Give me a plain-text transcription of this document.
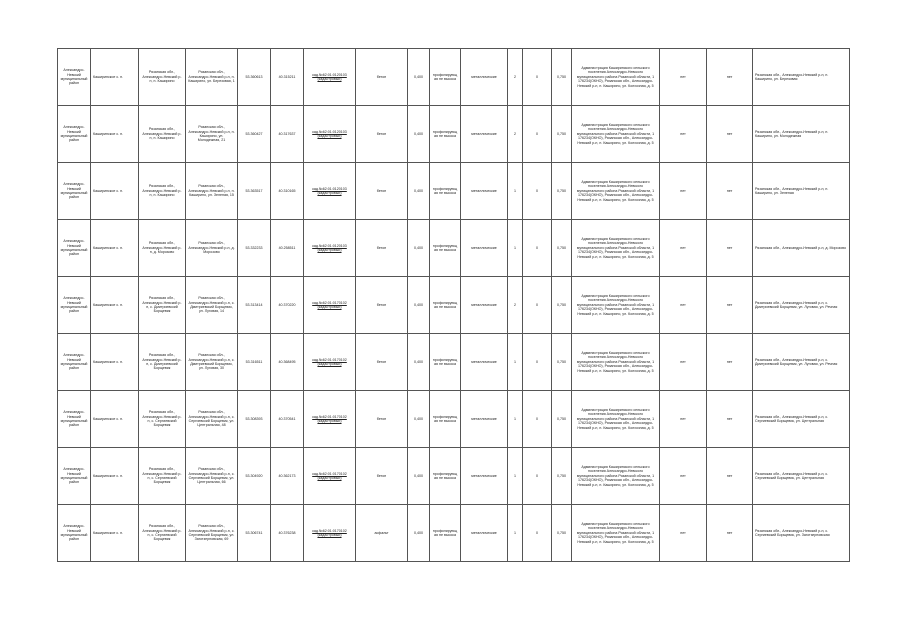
Александро-Невский муниципальный район	Каширинское с. п.	Рязанская обл., Александро-Невский р-н, п. Каширино	Рязанская обл., Александро-Невский р-н, п. Каширино, ул. Березовая, 1	53.360613	40.315211	кад.№62:01:0120103 (кадастровый)	бетон	0,400	профилирующая не высока	металлические	2	0	0,750	Администрация Каширинского сельского поселения Александро-Невского муниципального района Рязанской области, 1 176234(ОКНО), Рязанская обл., Александро-Невский р-н, п. Каширино, ул. Колхозная, д. 5	нет	нет	Рязанская обл., Александро-Невский р-н, п. Каширино, ул. Березовая
Александро-Невский муниципальный район	Каширинское с. п.	Рязанская обл., Александро-Невский р-н, п. Каширино	Рязанская обл., Александро-Невский р-н, п. Каширино, ул. Молодежная, 21	53.360427	40.317637	кад.№62:01:0120103 (кадастровый)	бетон	0,400	профилирующая не высока	металлические	2	0	0,750	Администрация Каширинского сельского поселения Александро-Невского муниципального района Рязанской области, 1 176234(ОКНО), Рязанская обл., Александро-Невский р-н, п. Каширино, ул. Колхозная, д. 5	нет	нет	Рязанская обл., Александро-Невский р-н, п. Каширино, ул. Молодежная
Александро-Невский муниципальный район	Каширинское с. п.	Рязанская обл., Александро-Невский р-н, п. Каширино	Рязанская обл., Александро-Невский р-н, п. Каширино, ул. Зеленая, 15	53.363517	40.310165	кад.№62:01:0120103 (кадастровый)	бетон	0,400	профилирующая не высока	металлические	1	0	0,750	Администрация Каширинского сельского поселения Александро-Невского муниципального района Рязанской области, 1 176234(ОКНО), Рязанская обл., Александро-Невский р-н, п. Каширино, ул. Колхозная, д. 5	нет	нет	Рязанская обл., Александро-Невский р-н, п. Каширино, ул. Зеленая
Александро-Невский муниципальный район	Каширинское с. п.	Рязанская обл., Александро-Невский р-н, д. Морозово	Рязанская обл., Александро-Невский р-н, д. Морозово	53.332233	40.258511	кад.№62:01:0120103 (кадастровый)	бетон	0,400	профилирующая не высока	металлические	1	0	0,750	Администрация Каширинского сельского поселения Александро-Невского муниципального района Рязанской области, 1 176234(ОКНО), Рязанская обл., Александро-Невский р-н, п. Каширино, ул. Колхозная, д. 5	нет	нет	Рязанская обл., Александро-Невский р-н, д. Морозово
Александро-Невский муниципальный район	Каширинское с. п.	Рязанская обл., Александро-Невский р-н, с. Дмитриевский Борщевик	Рязанская обл., Александро-Невский р-н, с. Дмитриевский Борщевик, ул. Луговая, 14	53.313414	40.370220	кад.№62:01:0170102 (кадастровый)	бетон	0,400	профилирующая не высока	металлические	2	0	0,750	Администрация Каширинского сельского поселения Александро-Невского муниципального района Рязанской области, 1 176234(ОКНО), Рязанская обл., Александро-Невский р-н, п. Каширино, ул. Колхозная, д. 5	нет	нет	Рязанская обл., Александро-Невский р-н, с. Дмитриевский Борщевик, ул. Луговая, ул. Речная
Александро-Невский муниципальный район	Каширинское с. п.	Рязанская обл., Александро-Невский р-н, с. Дмитриевский Борщевик	Рязанская обл., Александро-Невский р-н, с. Дмитриевский Борщевик, ул. Луговая, 30	53.316511	40.368495	кад.№62:01:0170102 (кадастровый)	бетон	0,400	профилирующая не высока	металлические	1	0	0,750	Администрация Каширинского сельского поселения Александро-Невского муниципального района Рязанской области, 1 176234(ОКНО), Рязанская обл., Александро-Невский р-н, п. Каширино, ул. Колхозная, д. 5	нет	нет	Рязанская обл., Александро-Невский р-н, с. Дмитриевский Борщевик, ул. Луговая, ул. Речная
Александро-Невский муниципальный район	Каширинское с. п.	Рязанская обл., Александро-Невский р-н, с. Сергиевский Борщевик	Рязанская обл., Александро-Невский р-н, с. Сергиевский Борщевик, ул. Центральная, 48	53.308393	40.370541	кад.№62:01:0170102 (кадастровый)	бетон	0,400	профилирующая не высока	металлические	1	0	0,750	Администрация Каширинского сельского поселения Александро-Невского муниципального района Рязанской области, 1 176234(ОКНО), Рязанская обл., Александро-Невский р-н, п. Каширино, ул. Колхозная, д. 5	нет	нет	Рязанская обл., Александро-Невский р-н, с. Сергиевский Борщевик, ул. Центральная
Александро-Невский муниципальный район	Каширинское с. п.	Рязанская обл., Александро-Невский р-н, с. Сергиевский Борщевик	Рязанская обл., Александро-Невский р-н, с. Сергиевский Борщевик, ул. Центральная, 66	53.304920	40.362173	кад.№62:01:0170102 (кадастровый)	бетон	0,400	профилирующая не высока	металлические	1	0	0,750	Администрация Каширинского сельского поселения Александро-Невского муниципального района Рязанской области, 1 176234(ОКНО), Рязанская обл., Александро-Невский р-н, п. Каширино, ул. Колхозная, д. 5	нет	нет	Рязанская обл., Александро-Невский р-н, с. Сергиевский Борщевик, ул. Центральная
Александро-Невский муниципальный район	Каширинское с. п.	Рязанская обл., Александро-Невский р-н, с. Сергиевский Борщевик	Рязанская обл., Александро-Невский р-н, с. Сергиевский Борщевик, ул. Заготзерновская, 69	53.306741	40.376238	кад.№62:01:0170102 (кадастровый)	асфальт	0,400	профилирующая не высока	металлические	1	0	0,750	Администрация Каширинского сельского поселения Александро-Невского муниципального района Рязанской области, 1 176234(ОКНО), Рязанская обл., Александро-Невский р-н, п. Каширино, ул. Колхозная, д. 5	нет	нет	Рязанская обл., Александро-Невский р-н, с. Сергиевский Борщевик, ул. Заготзерновская
